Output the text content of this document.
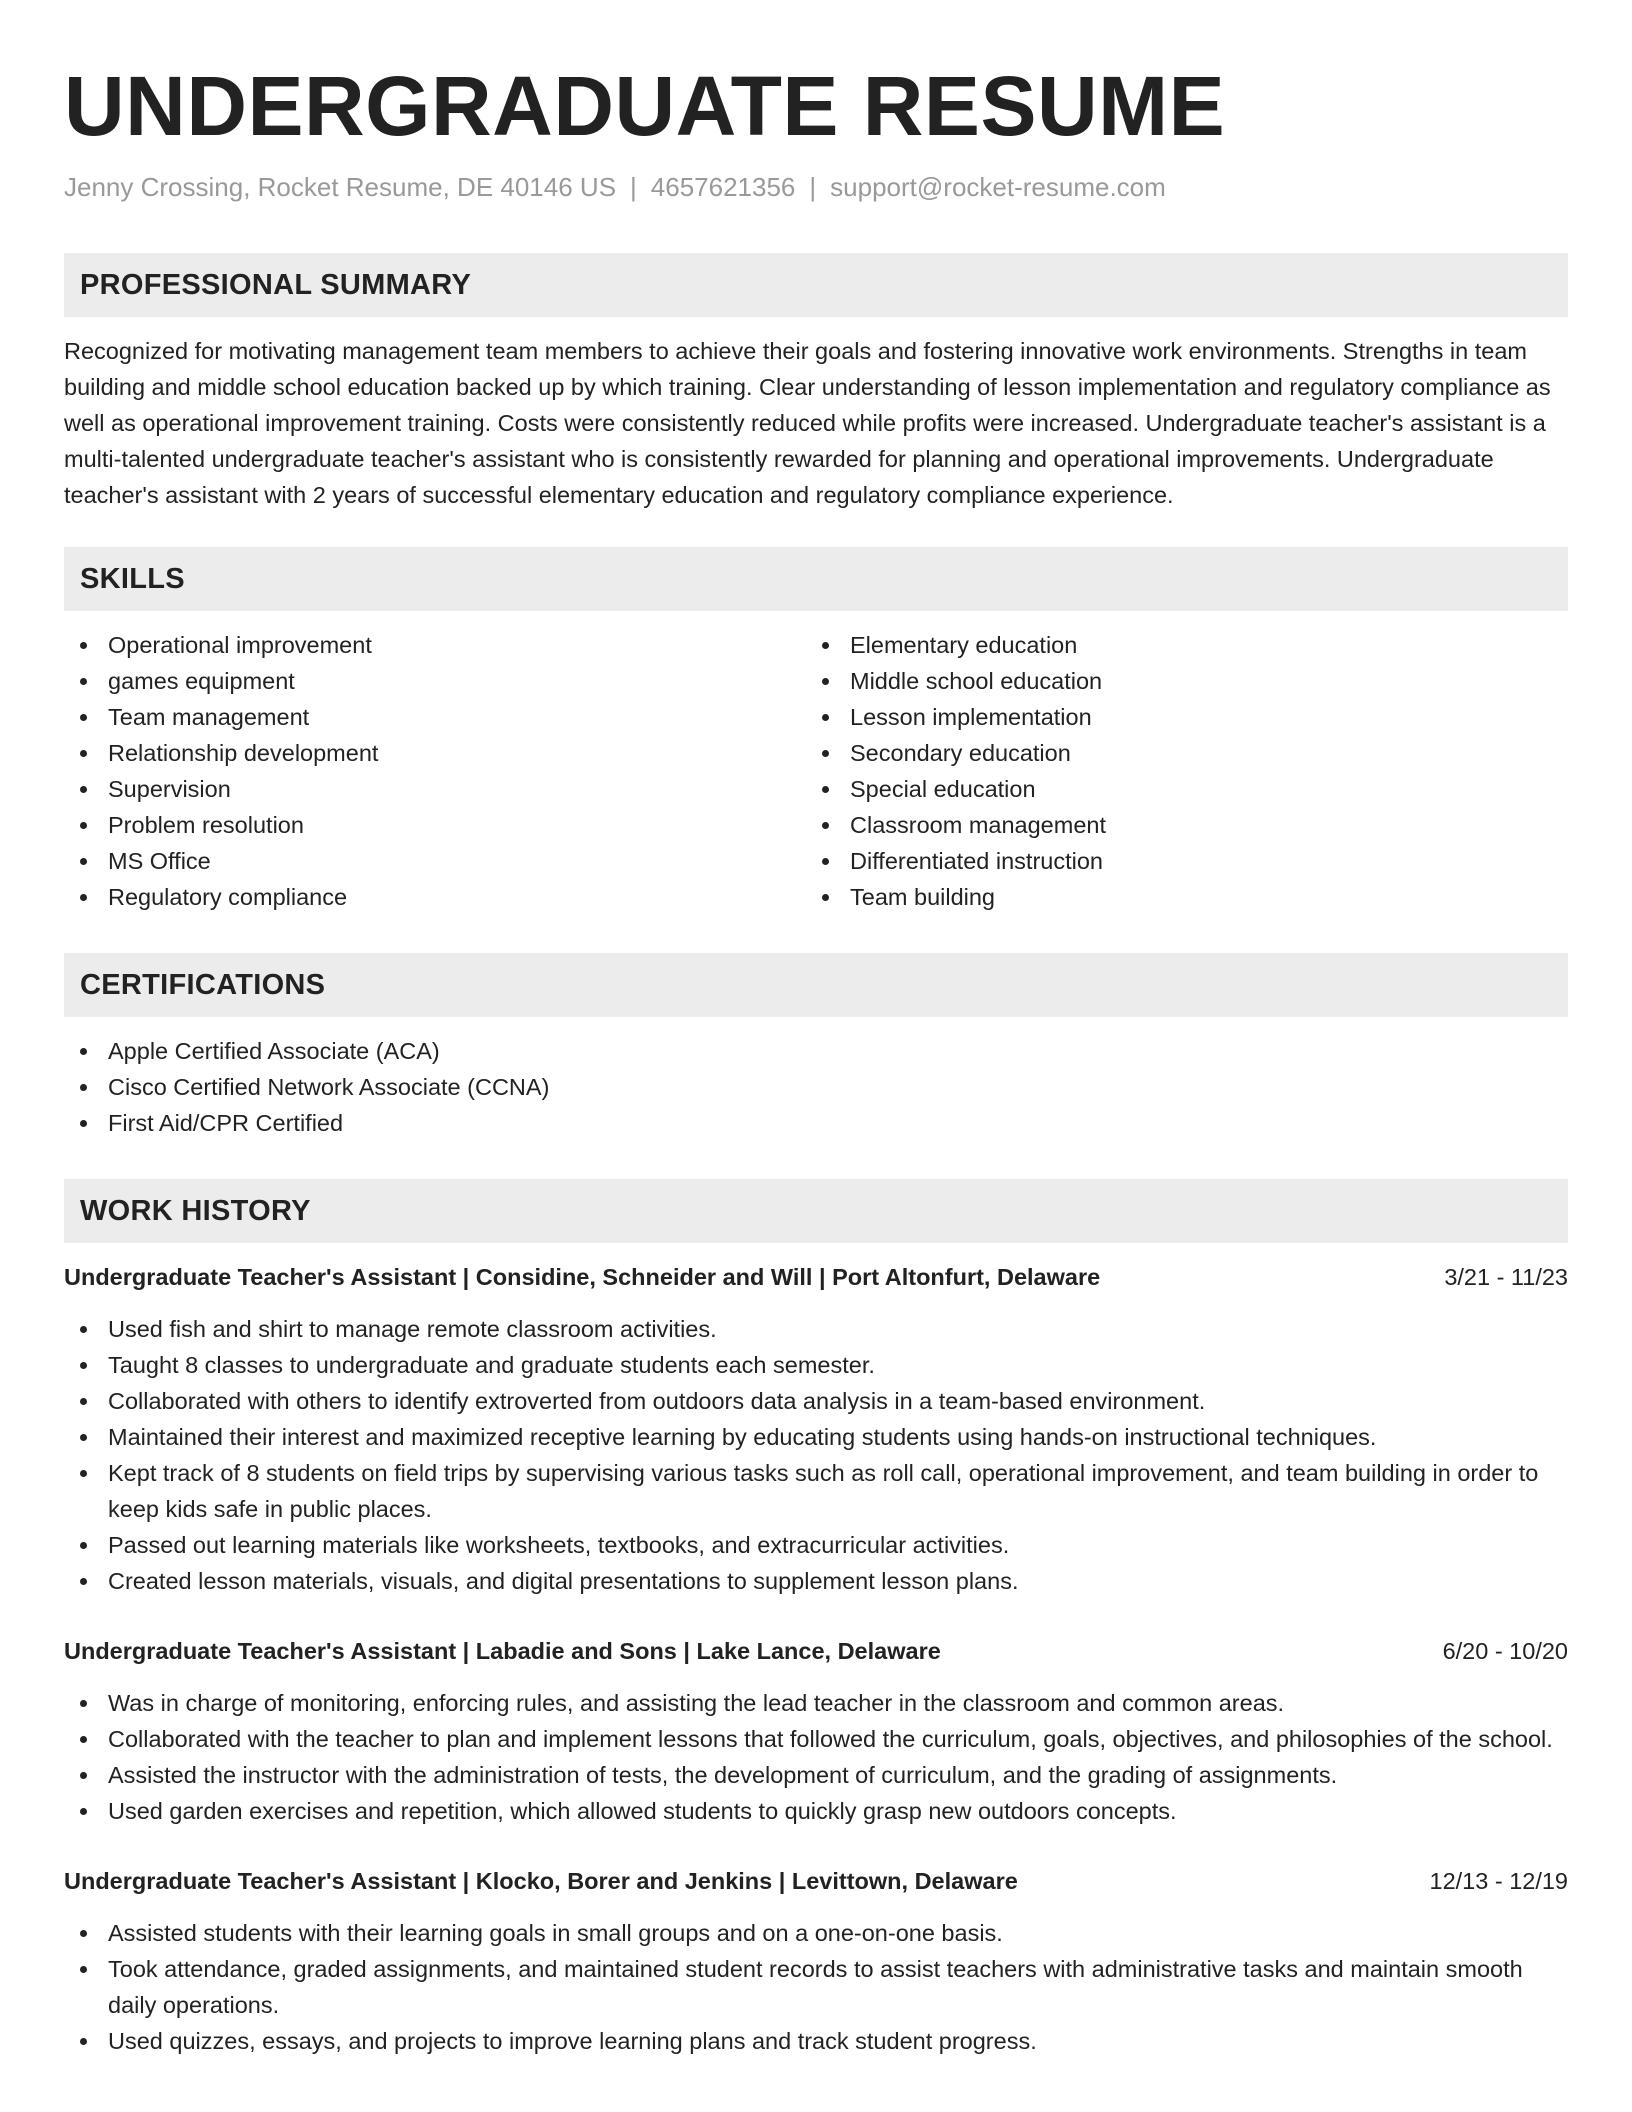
UNDERGRADUATE RESUME
Jenny Crossing, Rocket Resume, DE 40146 US | 4657621356 | support@rocket-resume.com
PROFESSIONAL SUMMARY

Recognized for motivating management team members to achieve their goals and fostering innovative work environments. Strengths in team building and middle school education backed up by which training. Clear understanding of lesson implementation and regulatory compliance as well as operational improvement training. Costs were consistently reduced while profits were increased. Undergraduate teacher's assistant is a multi-talented undergraduate teacher's assistant who is consistently rewarded for planning and operational improvements. Undergraduate teacher's assistant with 2 years of successful elementary education and regulatory compliance experience.

SKILLS
Operational improvement
games equipment
Team management
Relationship development
Supervision
Problem resolution
MS Office
Regulatory compliance
Elementary education
Middle school education
Lesson implementation
Secondary education
Special education
Classroom management
Differentiated instruction
Team building
CERTIFICATIONS
Apple Certified Associate (ACA)
Cisco Certified Network Associate (CCNA)
First Aid/CPR Certified
WORK HISTORY
Undergraduate Teacher's Assistant | Considine, Schneider and Will | Port Altonfurt, Delaware	3/21 - 11/23
Used fish and shirt to manage remote classroom activities.
Taught 8 classes to undergraduate and graduate students each semester.
Collaborated with others to identify extroverted from outdoors data analysis in a team-based environment.
Maintained their interest and maximized receptive learning by educating students using hands-on instructional techniques.
Kept track of 8 students on field trips by supervising various tasks such as roll call, operational improvement, and team building in order to keep kids safe in public places.
Passed out learning materials like worksheets, textbooks, and extracurricular activities.
Created lesson materials, visuals, and digital presentations to supplement lesson plans.
Undergraduate Teacher's Assistant | Labadie and Sons | Lake Lance, Delaware	6/20 - 10/20
Was in charge of monitoring, enforcing rules, and assisting the lead teacher in the classroom and common areas.
Collaborated with the teacher to plan and implement lessons that followed the curriculum, goals, objectives, and philosophies of the school.
Assisted the instructor with the administration of tests, the development of curriculum, and the grading of assignments.
Used garden exercises and repetition, which allowed students to quickly grasp new outdoors concepts.
Undergraduate Teacher's Assistant | Klocko, Borer and Jenkins | Levittown, Delaware	12/13 - 12/19
Assisted students with their learning goals in small groups and on a one-on-one basis.
Took attendance, graded assignments, and maintained student records to assist teachers with administrative tasks and maintain smooth daily operations.
Used quizzes, essays, and projects to improve learning plans and track student progress.
